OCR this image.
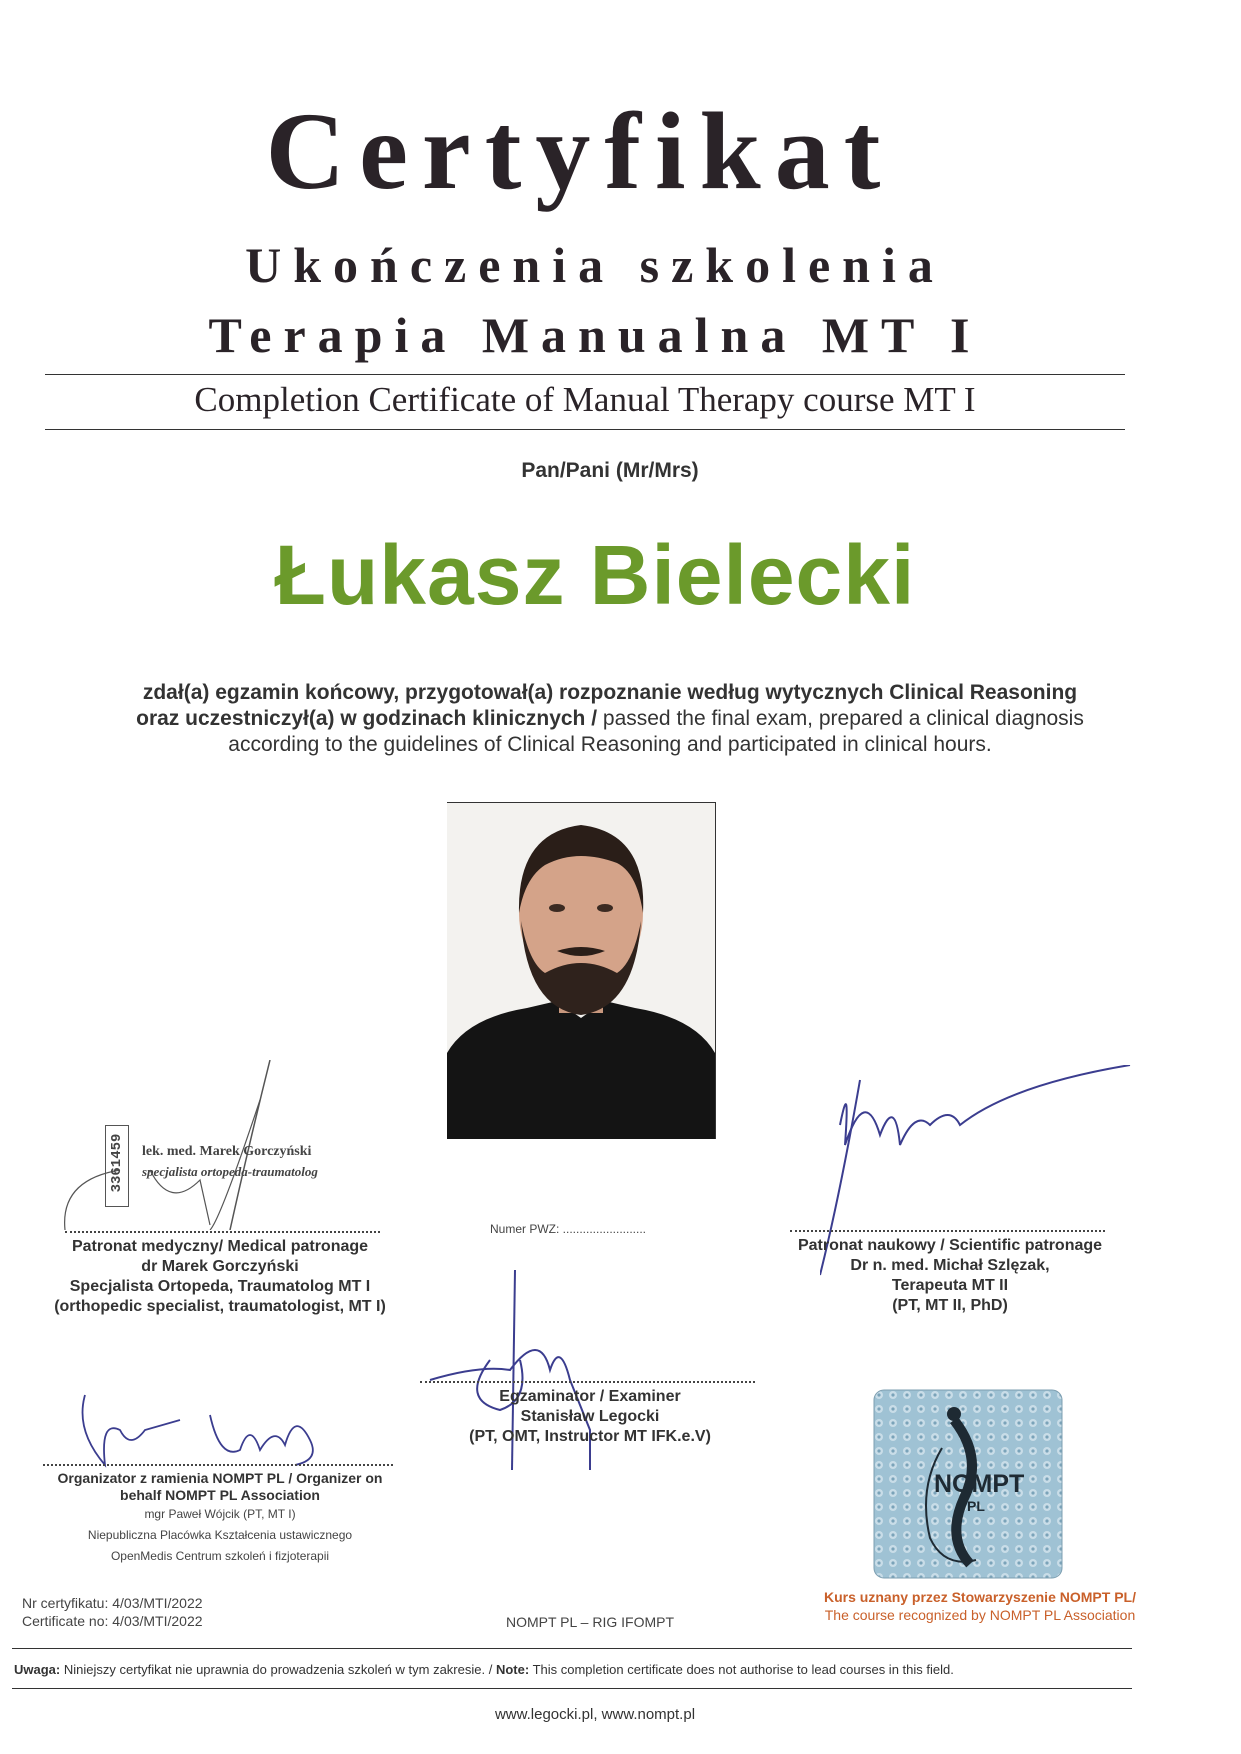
Certyfikat
Ukończenia szkolenia
Terapia Manualna MT I
Completion Certificate of Manual Therapy course MT I
Pan/Pani (Mr/Mrs)
Łukasz Bielecki
zdał(a) egzamin końcowy, przygotował(a) rozpoznanie według wytycznych Clinical Reasoning
oraz uczestniczył(a) w godzinach klinicznych / passed the final exam, prepared a clinical diagnosis
according to the guidelines of Clinical Reasoning and participated in clinical hours.
3361459 lek. med. Marek Gorczyński
specjalista ortopeda-traumatolog
Patronat medyczny/ Medical patronage
dr Marek Gorczyński
Specjalista Ortopeda, Traumatolog MT I
(orthopedic specialist, traumatologist, MT I)
Numer PWZ: .........................
Patronat naukowy / Scientific patronage
Dr n. med. Michał Szlęzak,
Terapeuta MT II
(PT, MT II, PhD)
Egzaminator / Examiner
Stanisław Legocki
(PT, OMT, Instructor MT IFK.e.V)
Organizator z ramienia NOMPT PL / Organizer on
behalf NOMPT PL Association
mgr Paweł Wójcik (PT, MT I)
Niepubliczna Placówka Kształcenia ustawicznego
OpenMedis Centrum szkoleń i fizjoterapii
NOMPT
PL
Kurs uznany przez Stowarzyszenie NOMPT PL/
The course recognized by NOMPT PL Association
Nr certyfikatu: 4/03/MTI/2022
Certificate no: 4/03/MTI/2022	NOMPT PL – RIG IFOMPT
Uwaga: Niniejszy certyfikat nie uprawnia do prowadzenia szkoleń w tym zakresie. / Note: This completion certificate does not authorise to lead courses in this field.
www.legocki.pl, www.nompt.pl
